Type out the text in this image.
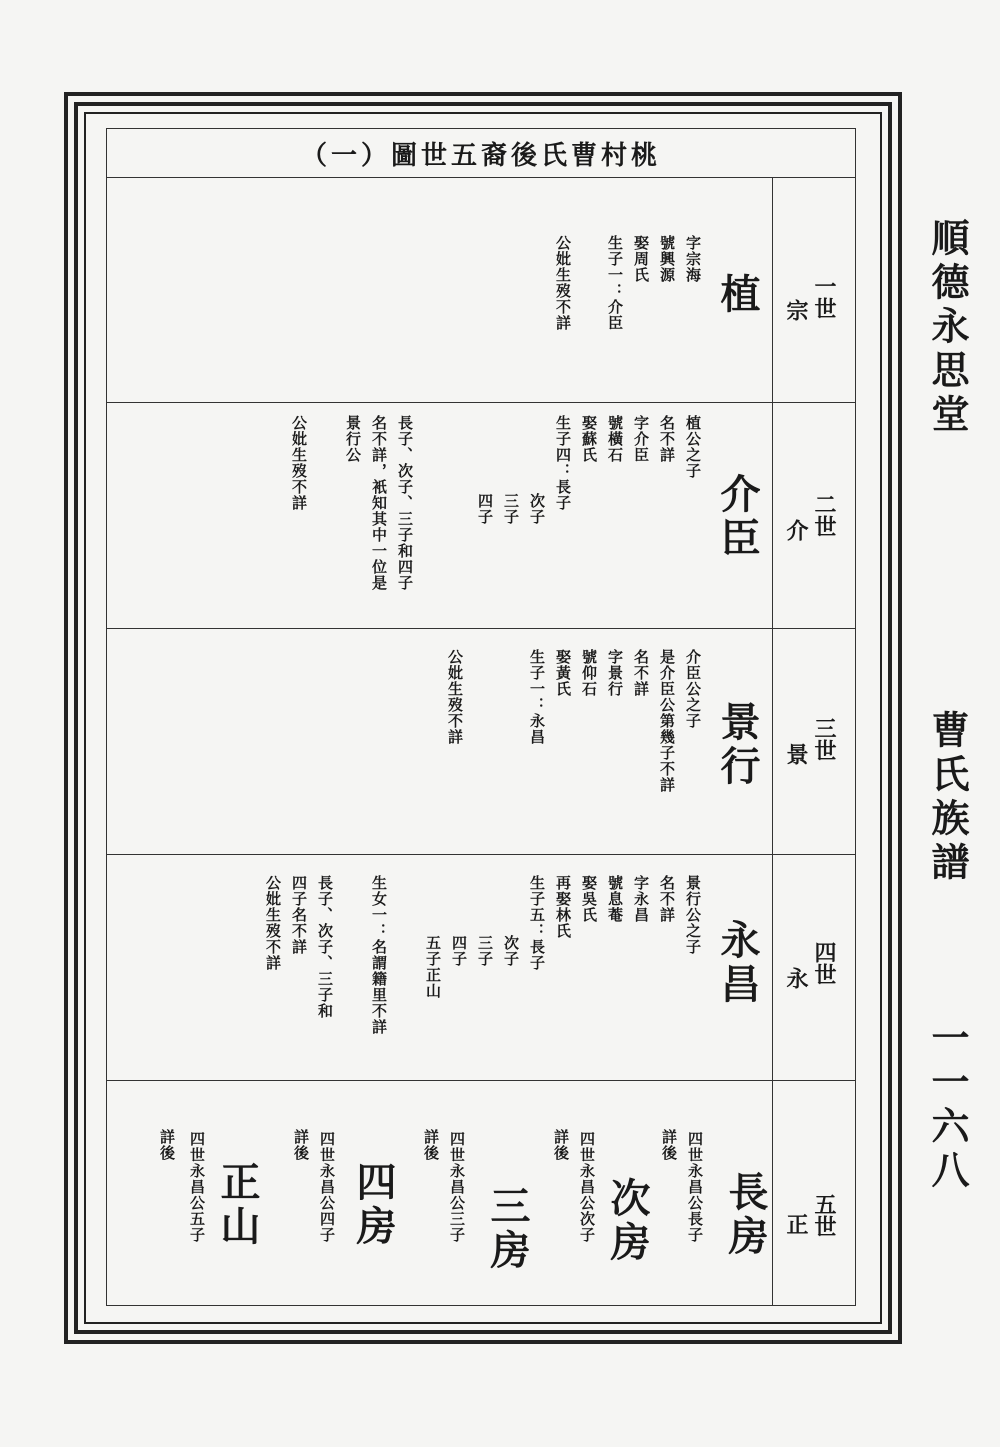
順德永思堂
曹氏族譜
一一六八
（一）圖世五裔後氏曹村桃
一世
宗
植
字宗海
號興源
娶周氏
生子一：介臣
公妣生歿不詳
二世
介
介臣
植公之子
名不詳
字介臣
號橫石
娶蘇氏
生子四：長子
次子
三子
四子
長子、次子、三子和四子
名不詳，衹知其中一位是
景行公
公妣生歿不詳
三世
景
景行
介臣公之子
是介臣公第幾子不詳
名不詳
字景行
號仰石
娶黃氏
生子一：永昌
公妣生歿不詳
四世
永
永昌
景行公之子
名不詳
字永昌
號息菴
娶吳氏
再娶林氏
生子五：長子
次子
三子
四子
五子正山
生女一：名謂籍里不詳
長子、次子、三子和
四子名不詳
公妣生歿不詳
五世
正
四世永昌公長子 長房
詳後
四世永昌公次子 次房
詳後
四世永昌公三子 三房
詳後
四世永昌公四子 四房
詳後
四世永昌公五子 正山
詳後
